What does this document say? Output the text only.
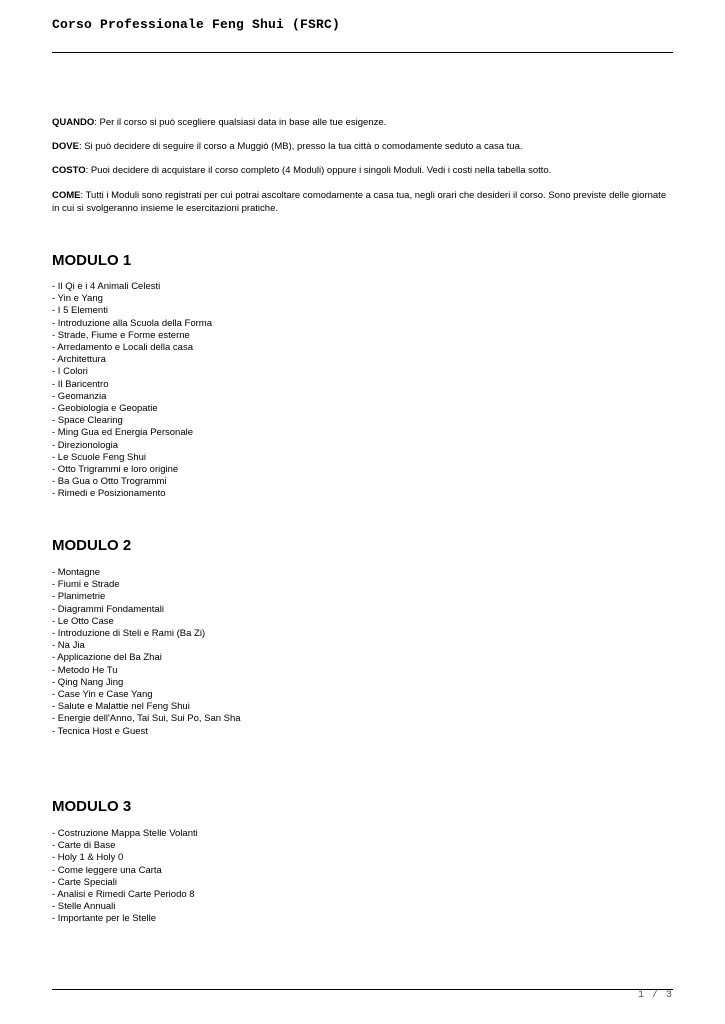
Corso Professionale Feng Shui (FSRC)

QUANDO: Per il corso si può scegliere qualsiasi data in base alle tue esigenze.

DOVE: Si può decidere di seguire il corso a Muggiò (MB), presso la tua città o comodamente seduto a casa tua.

COSTO: Puoi decidere di acquistare il corso completo (4 Moduli) oppure i singoli Moduli. Vedi i costi nella tabella sotto.

COME: Tutti i Moduli sono registrati per cui potrai ascoltare comodamente a casa tua, negli orari che desideri il corso. Sono previste delle giornate in cui si svolgeranno insieme le esercitazioni pratiche.

MODULO 1
- Il Qi e i 4 Animali Celesti
- Yin e Yang
- I 5 Elementi
- Introduzione alla Scuola della Forma
- Strade, Fiume e Forme esterne
- Arredamento e Locali della casa
- Architettura
- I Colori
- Il Baricentro
- Geomanzia
- Geobiologia e Geopatie
- Space Clearing
- Ming Gua ed Energia Personale
- Direzionologia
- Le Scuole Feng Shui
- Otto Trigrammi e loro origine
- Ba Gua o Otto Trogrammi
- Rimedi e Posizionamento
MODULO 2
- Montagne
- Fiumi e Strade
- Planimetrie
- Diagrammi Fondamentali
- Le Otto Case
- Introduzione di Steli e Rami (Ba Zi)
- Na Jia
- Applicazione del Ba Zhai
- Metodo He Tu
- Qing Nang Jing
- Case Yin e Case Yang
- Salute e Malattie nel Feng Shui
- Energie dell'Anno, Tai Sui, Sui Po, San Sha
- Tecnica Host e Guest
MODULO 3
- Costruzione Mappa Stelle Volanti
- Carte di Base
- Holy 1 & Holy 0
- Come leggere una Carta
- Carte Speciali
- Analisi e Rimedi Carte Periodo 8
- Stelle Annuali
- Importante per le Stelle
1 / 3
